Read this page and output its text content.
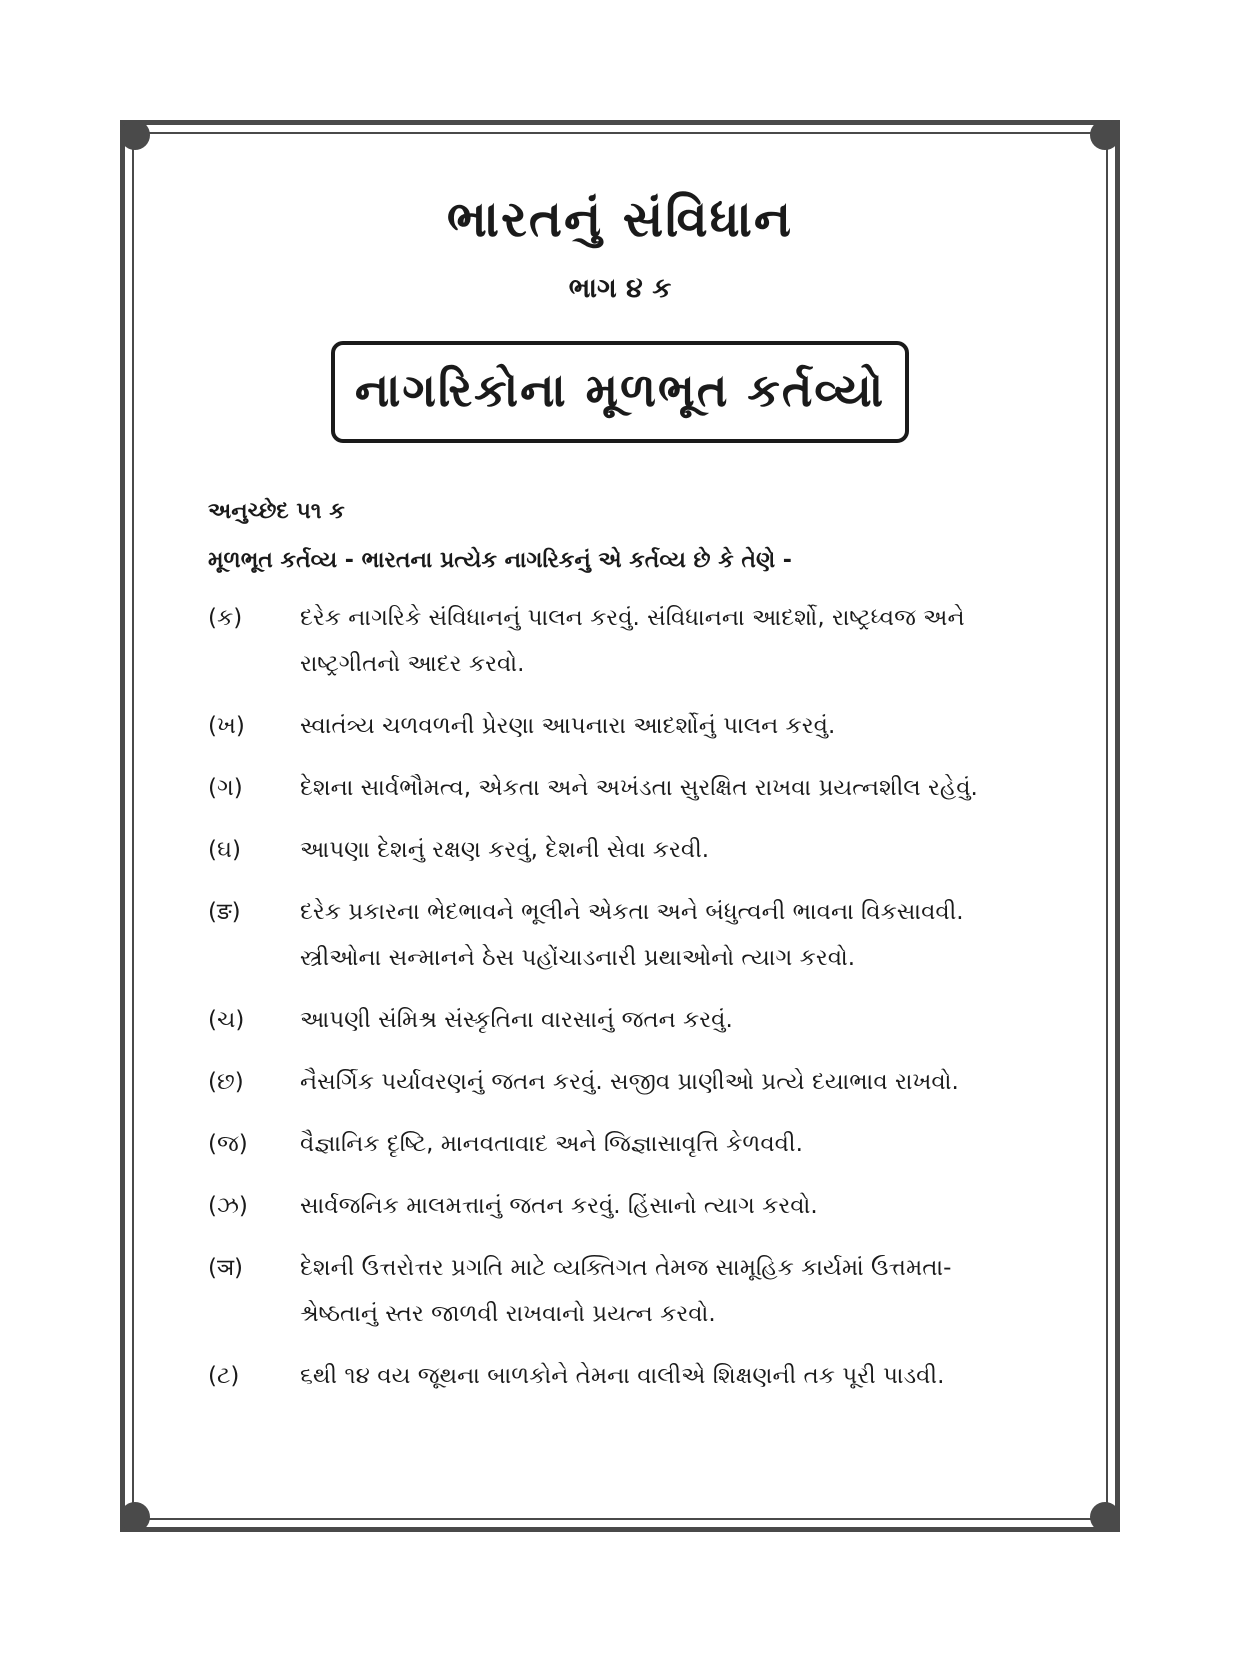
ભારતનું સંવિધાન
ભાગ ૪ ક
નાગરિકોના મૂળભૂત કર્તવ્યો
અનુચ્છેદ ૫૧ ક
મૂળભૂત કર્તવ્ય - ભારતના પ્રત્યેક નાગરિકનું એ કર્તવ્ય છે કે તેણે -
(ક)	દરેક નાગરિકે સંવિધાનનું પાલન કરવું. સંવિધાનના આદર્શો, રાષ્ટ્રધ્વજ અને રાષ્ટ્રગીતનો આદર કરવો.
(ખ)	સ્વાતંત્ર્ય ચળવળની પ્રેરણા આપનારા આદર્શોનું પાલન કરવું.
(ગ)	દેશના સાર્વભૌમત્વ, એકતા અને અખંડતા સુરક્ષિત રાખવા પ્રયત્નશીલ રહેવું.
(ઘ)	આપણા દેશનું રક્ષણ કરવું, દેશની સેવા કરવી.
(ङ)	દરેક પ્રકારના ભેદભાવને ભૂલીને એકતા અને બંધુત્વની ભાવના વિકસાવવી. સ્ત્રીઓના સન્માનને ઠેસ પહોંચાડનારી પ્રથાઓનો ત્યાગ કરવો.
(ચ)	આપણી સંમિશ્ર સંસ્કૃતિના વારસાનું જતન કરવું.
(છ)	નૈસર્ગિક પર્યાવરણનું જતન કરવું. સજીવ પ્રાણીઓ પ્રત્યે દયાભાવ રાખવો.
(જ)	વૈજ્ઞાનિક દૃષ્ટિ, માનવતાવાદ અને જિજ્ઞાસાવૃત્તિ કેળવવી.
(ઝ)	સાર્વજનિક માલમત્તાનું જતન કરવું. હિંસાનો ત્યાગ કરવો.
(ञ)	દેશની ઉત્તરોત્તર પ્રગતિ માટે વ્યક્તિગત તેમજ સામૂહિક કાર્યમાં ઉત્તમતા-શ્રેષ્ઠતાનું સ્તર જાળવી રાખવાનો પ્રયત્ન કરવો.
(ટ)	૬થી ૧૪ વય જૂથના બાળકોને તેમના વાલીએ શિક્ષણની તક પૂરી પાડવી.
